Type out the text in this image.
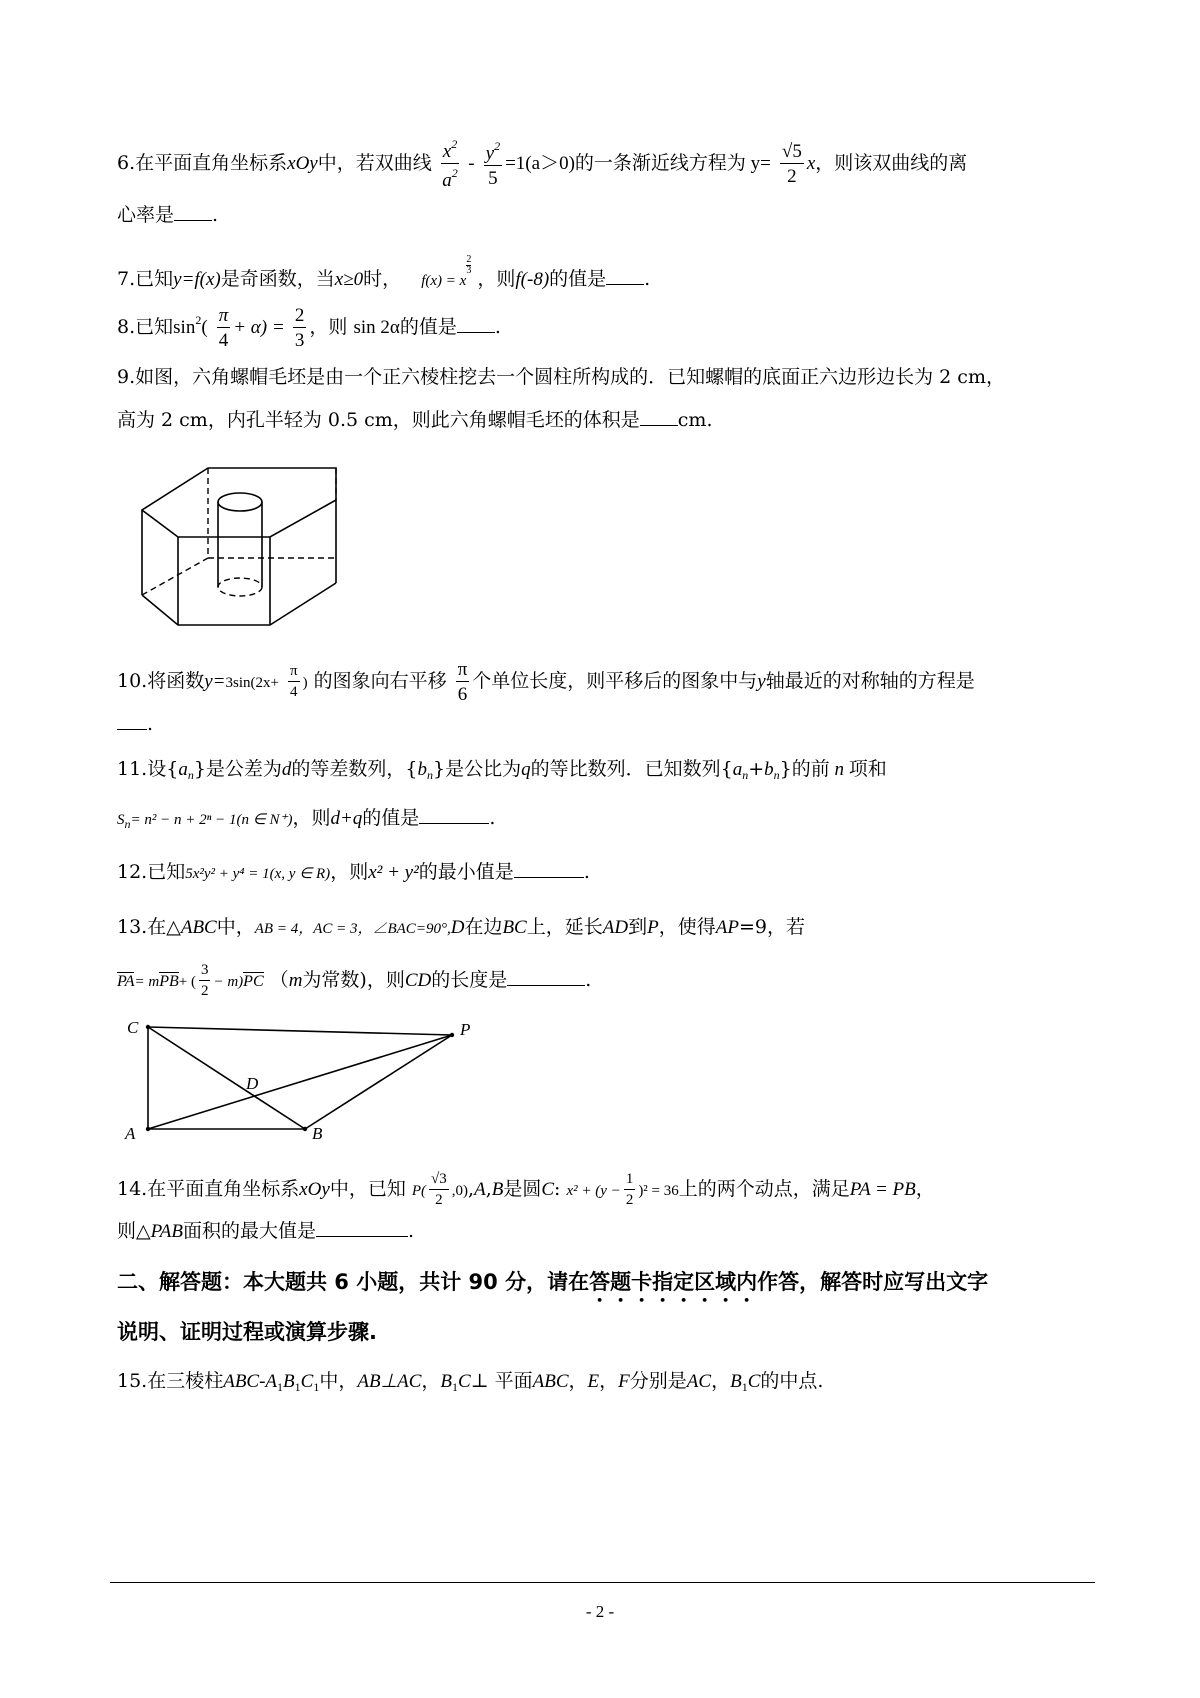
6.在平面直角坐标系xOy中，若双曲线 $\frac{x^2}{a^2} - \frac{y^2}{5} =1(a>0)$的一条渐近线方程为 $y= \frac{√5}{2}$ x，则该双曲线的离
心率是 .
7.已知y=f(x)是奇函数，当x≥0时， f(x) = x
$\frac{2}{3}$
，则f(-8)的值是 .
8.已知$\sin^2( \frac{\pi}{4} + \alpha) = \frac{2}{3}$ ，则 sin 2α的值是 .
9.如图，六角螺帽毛坯是由一个正六棱柱挖去一个圆柱所构成的．已知螺帽的底面正六边形边长为 2 cm，
高为 2 cm，内孔半轻为 0.5 cm，则此六角螺帽毛坯的体积是 cm.
10.将函数$y=3\sin(2x+ \frac{\pi}{4}$ ) 的图象向右平移 $\frac{\pi}{6}$ 个单位长度，则平移后的图象中与y轴最近的对称轴的方程是
.
11.设$\{a_n\}$是公差为d的等差数列，$\{b_n\}$是公比为q的等比数列．已知数列$\{a_n+b_n\}$的前 n 项和
$S_n= n^2 - n + 2^n - 1(n$ ∈ N⁺)，则d+q的值是	.
12.已知5x²y² + y⁴ = 1(x, y ∈ R)，则x² + y²的最小值是	.
13.在△ABC中，AB = 4，AC = 3，∠BAC=90°,D在边BC上，延长AD到P，使得AP=9，若
PA= mPB+ ( $\frac{3}{2} - m)PC$ （m为常数)，则CD的长度是	.
C	P
D
A	B
14.在平面直角坐标系xOy中，已知 $P( \frac{√3}{2} ,0),A,B$是圆C: $x^2 + (y - \frac{1}{2} )^2 = 36$上的两个动点，满足PA = PB，
则△PAB面积的最大值是	.
二、解答题：本大题共 6 小题，共计 90 分，请在答题卡指定区域内作答，解答时应写出文字
说明、证明过程或演算步骤.
15.在三棱柱ABC-$A_1B_1C_1$中，AB⊥AC，$B_1C\perp$ 平面ABC，E，F分别是AC，$B_1C$的中点.
- 2 -
